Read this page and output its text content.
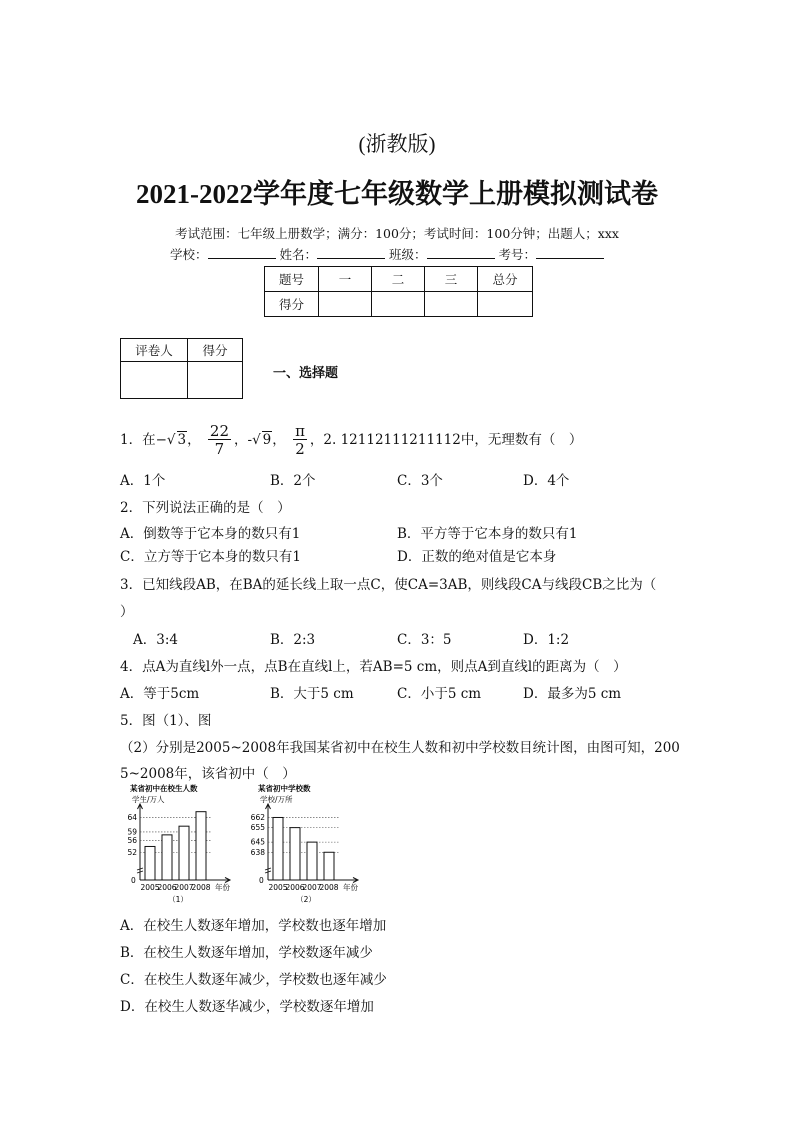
(浙教版)
2021-2022学年度七年级数学上册模拟测试卷
考试范围：七年级上册数学；满分：100分；考试时间：100分钟；出题人；xxx
学校：	姓名：	班级：	考号：
题号	一	二	三	总分
得分				
评卷人	得分

一、选择题
1．在−√ 3， $\frac{22}{7}$ ，-√ 9， $\frac{\pi}{2}$ ，2. 12112111211112中，无理数有（　）
A．1个	B．2个	C．3个	D．4个
2．下列说法正确的是（　）
A．倒数等于它本身的数只有1	B．平方等于它本身的数只有1
C．立方等于它本身的数只有1	D．正数的绝对值是它本身
3．已知线段AB，在BA的延长线上取一点C，使CA=3AB，则线段CA与线段CB之比为（
）
A．3:4	B．2:3	C．3：5	D．1:2
4．点A为直线l外一点，点B在直线l上，若AB=5 cm，则点A到直线l的距离为（　）
A．等于5cm	B．大于5 cm	C．小于5 cm	D．最多为5 cm
5．图（1）、图
（2）分别是2005~2008年我国某省初中在校生人数和初中学校数目统计图，由图可知，200
5~2008年，该省初中（　）
某省初中在校生人数
学生/万人
0
52
56
59
64
2005
2006
2007
2008 年份
（1）
某省初中学校数
学校/万所
0
638
645
655
662
2005
2006
2007
2008 年份
（2）
A．在校生人数逐年增加，学校数也逐年增加
B．在校生人数逐年增加，学校数逐年减少
C．在校生人数逐年减少，学校数也逐年减少
D．在校生人数逐华减少，学校数逐年增加
